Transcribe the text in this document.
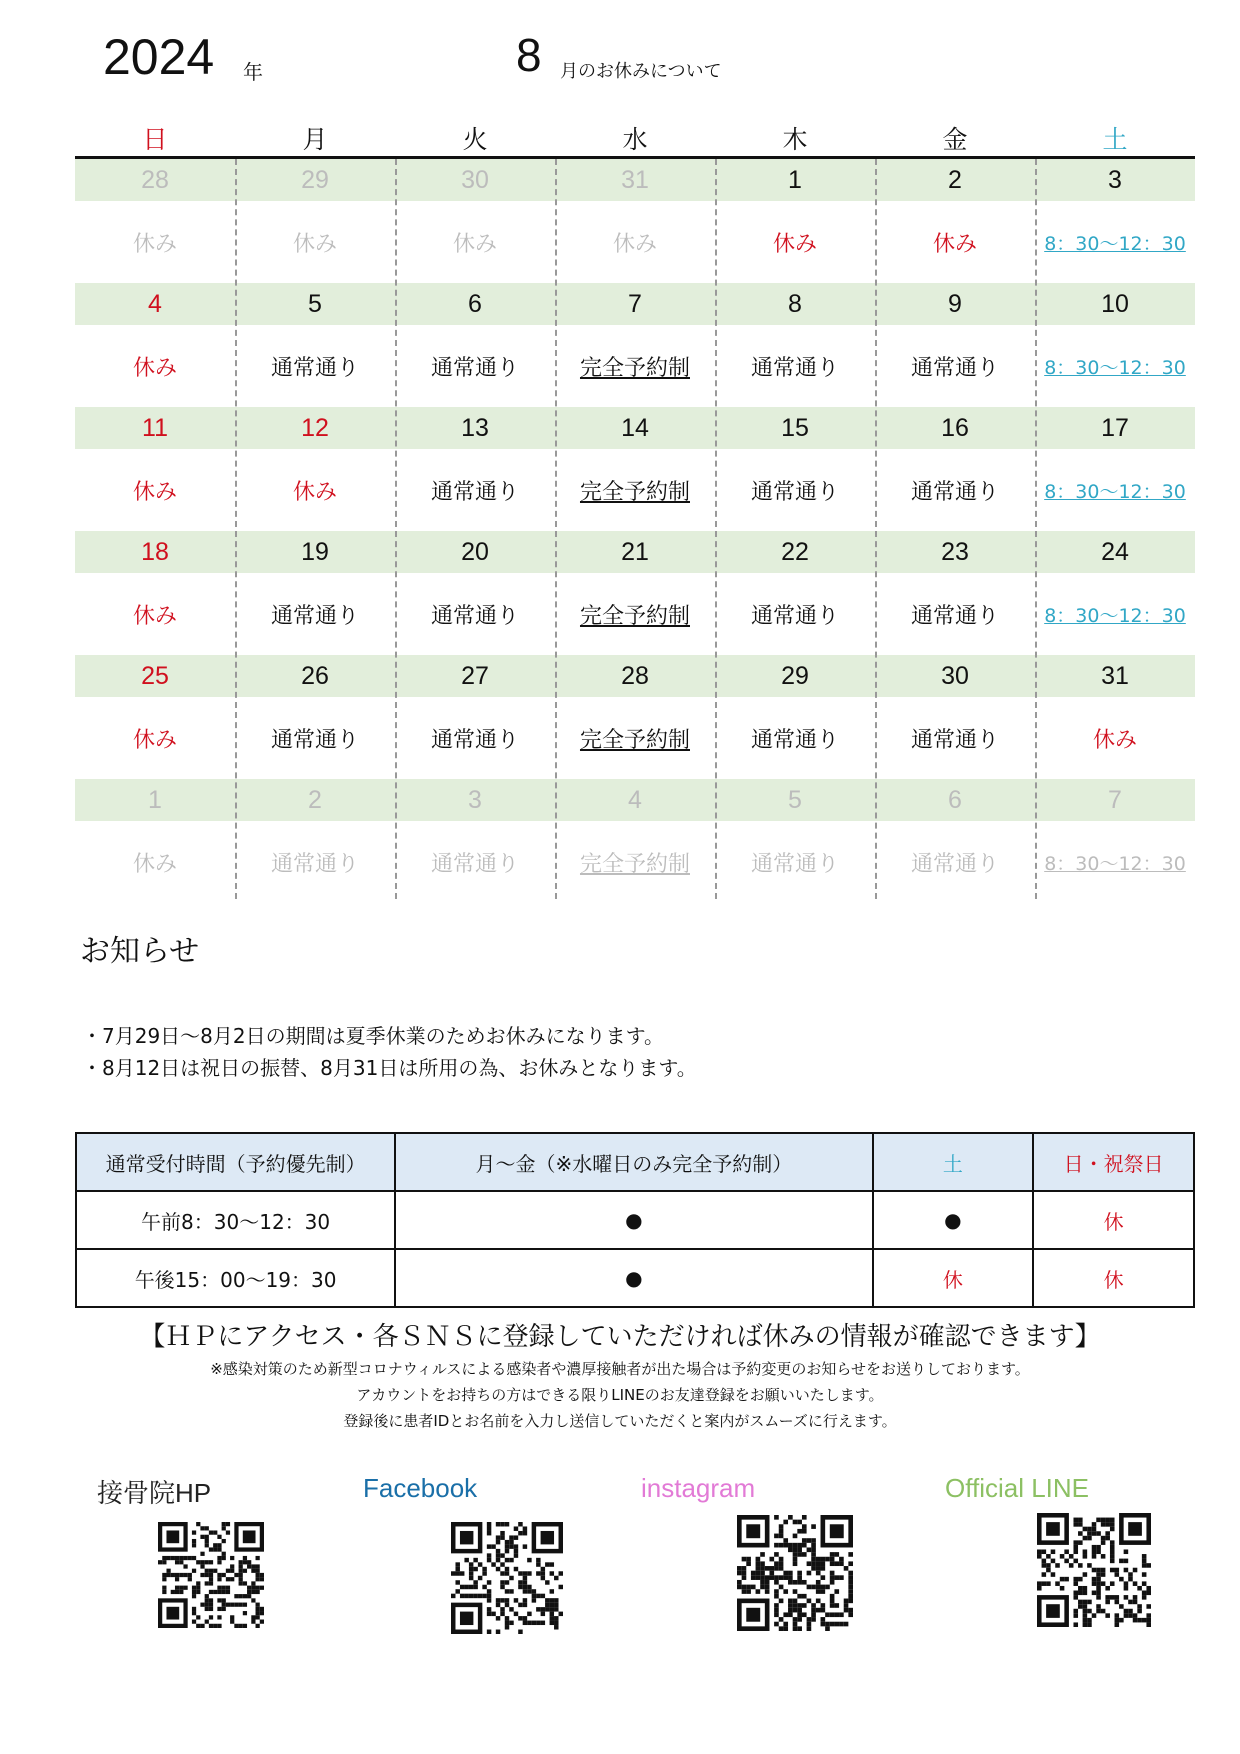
2024 年	8 月のお休みについて
日	月	火	水	木	金	土
28	29	30	31	1	2	3
休み	休み	休み	休み	休み	休み	8：30～12：30
4	5	6	7	8	9	10
休み	通常通り	通常通り	完全予約制	通常通り	通常通り	8：30～12：30
11	12	13	14	15	16	17
休み	休み	通常通り	完全予約制	通常通り	通常通り	8：30～12：30
18	19	20	21	22	23	24
休み	通常通り	通常通り	完全予約制	通常通り	通常通り	8：30～12：30
25	26	27	28	29	30	31
休み	通常通り	通常通り	完全予約制	通常通り	通常通り	休み
1	2	3	4	5	6	7
休み	通常通り	通常通り	完全予約制	通常通り	通常通り	8：30～12：30
お知らせ
・7月29日～8月2日の期間は夏季休業のためお休みになります。
・8月12日は祝日の振替、8月31日は所用の為、お休みとなります。
通常受付時間（予約優先制）	月～金（※水曜日のみ完全予約制）	土	日・祝祭日
午前8：30～12：30	●	●	休
午後15：00～19：30	●	休	休
【ＨＰにアクセス・各ＳＮＳに登録していただければ休みの情報が確認できます】
※感染対策のため新型コロナウィルスによる感染者や濃厚接触者が出た場合は予約変更のお知らせをお送りしております。
アカウントをお持ちの方はできる限りLINEのお友達登録をお願いいたします。
登録後に患者IDとお名前を入力し送信していただくと案内がスムーズに行えます。
接骨院HP	Facebook	instagram	Official LINE
